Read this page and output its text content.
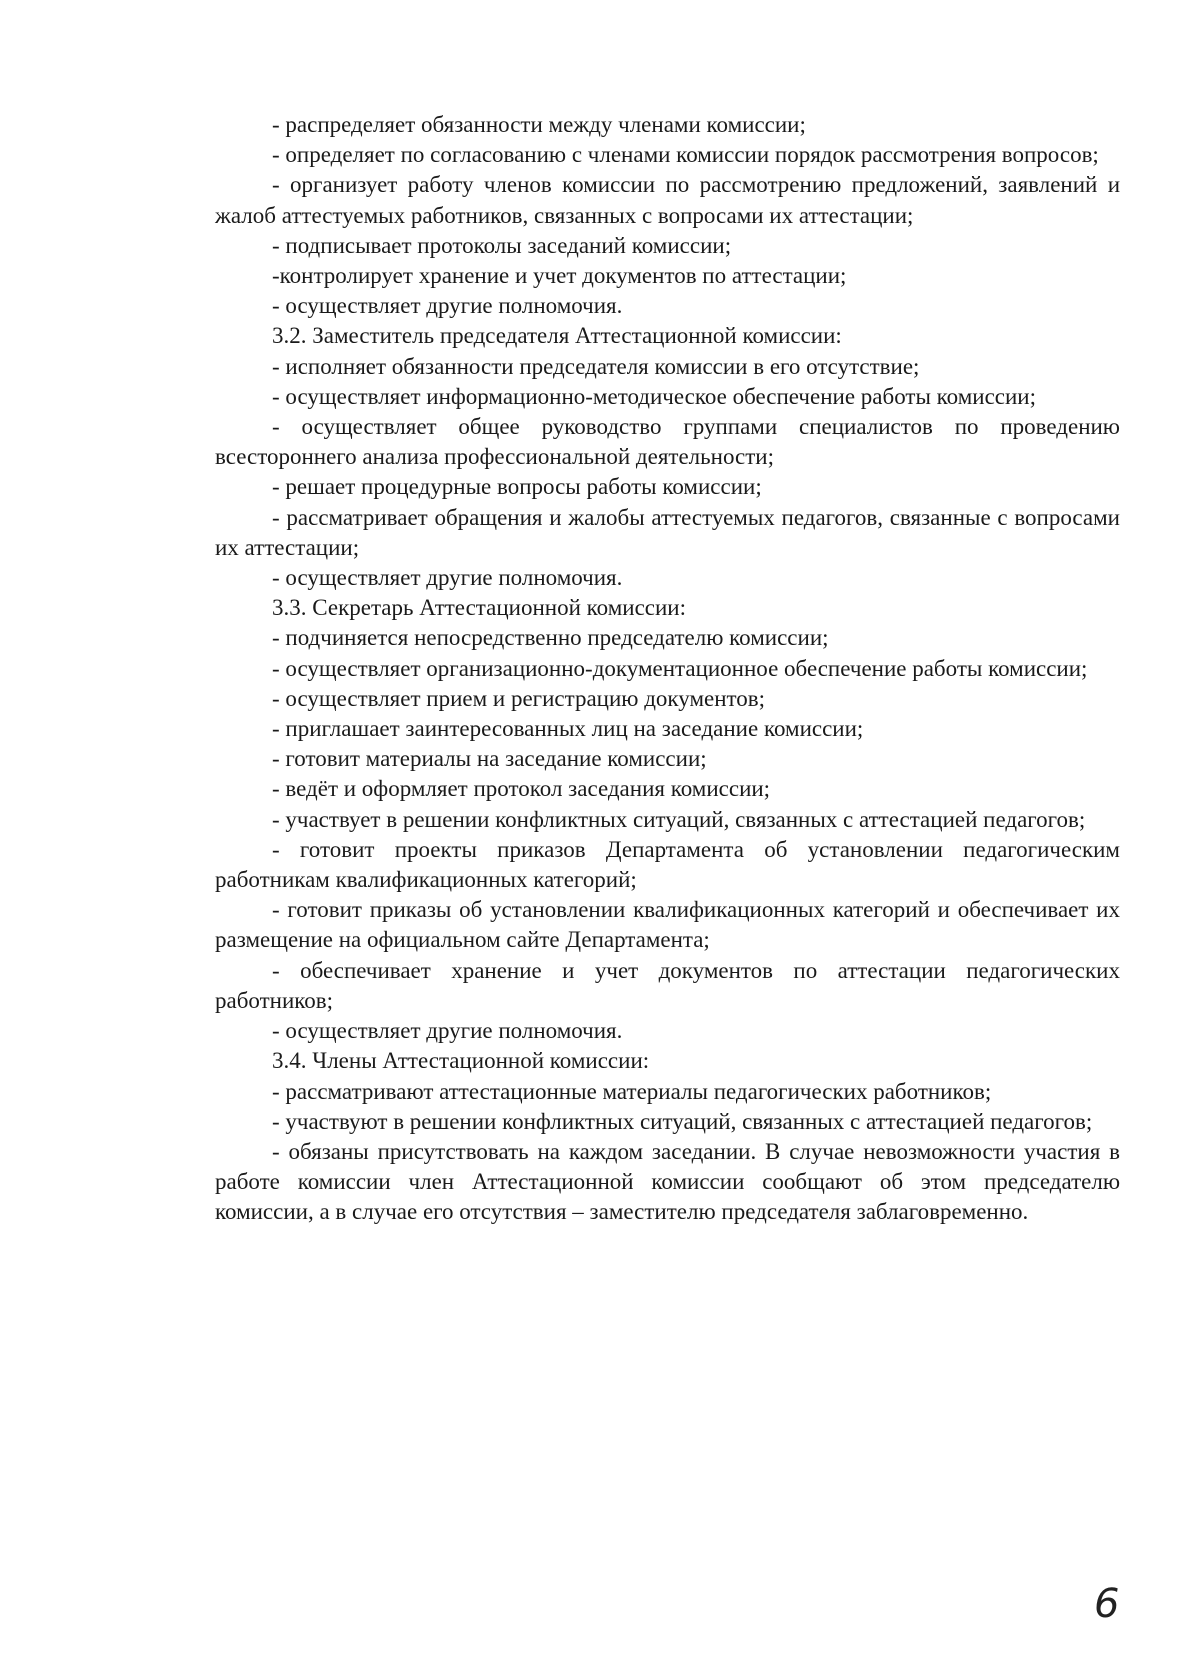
- распределяет обязанности между членами комиссии;

- определяет по согласованию с членами комиссии порядок рассмотрения вопросов;

- организует работу членов комиссии по рассмотрению предложений, заявлений и жалоб аттестуемых работников, связанных с вопросами их аттестации;

- подписывает протоколы заседаний комиссии;

-контролирует хранение и учет документов по аттестации;

- осуществляет другие полномочия.

3.2. Заместитель председателя Аттестационной комиссии:

- исполняет обязанности председателя комиссии в его отсутствие;

- осуществляет информационно-методическое обеспечение работы комиссии;

- осуществляет общее руководство группами специалистов по проведению всестороннего анализа профессиональной деятельности;

- решает процедурные вопросы работы комиссии;

- рассматривает обращения и жалобы аттестуемых педагогов, связанные с вопросами их аттестации;

- осуществляет другие полномочия.

3.3. Секретарь Аттестационной комиссии:

- подчиняется непосредственно председателю комиссии;

- осуществляет организационно-документационное обеспечение работы комиссии;

- осуществляет прием и регистрацию документов;

- приглашает заинтересованных лиц на заседание комиссии;

- готовит материалы на заседание комиссии;

- ведёт и оформляет протокол заседания комиссии;

- участвует в решении конфликтных ситуаций, связанных с аттестацией педагогов;

- готовит проекты приказов Департамента об установлении педагогическим работникам квалификационных категорий;

- готовит приказы об установлении квалификационных категорий и обеспечивает их размещение на официальном сайте Департамента;

- обеспечивает хранение и учет документов по аттестации педагогических работников;

- осуществляет другие полномочия.

3.4. Члены Аттестационной комиссии:

- рассматривают аттестационные материалы педагогических работников;

- участвуют в решении конфликтных ситуаций, связанных с аттестацией педагогов;

- обязаны присутствовать на каждом заседании. В случае невозможности участия в работе комиссии член Аттестационной комиссии сообщают об этом председателю комиссии, а в случае его отсутствия – заместителю председателя заблаговременно.

6
